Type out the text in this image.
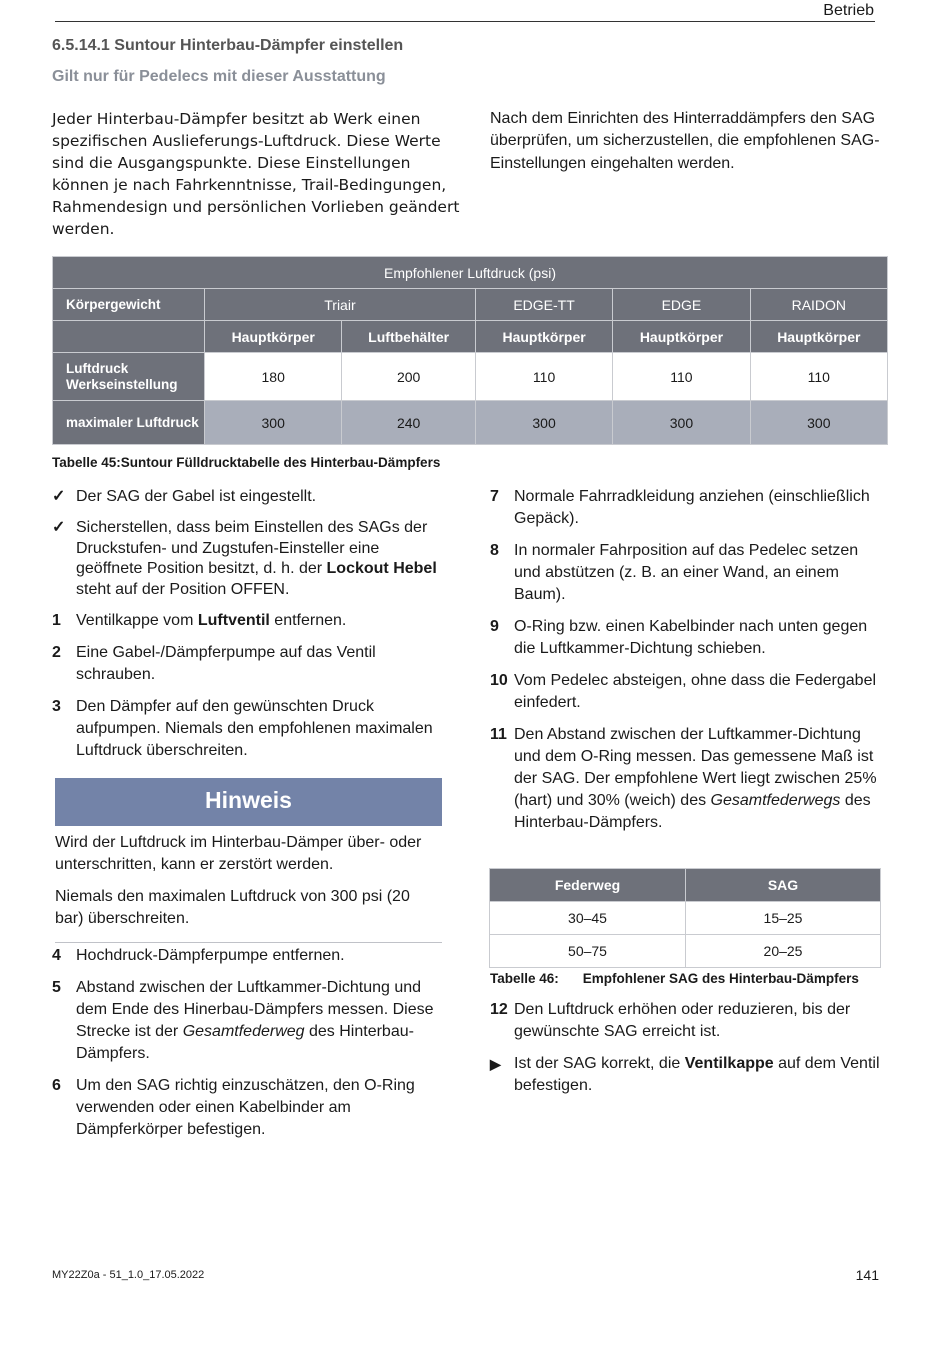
Betrieb
6.5.14.1 Suntour Hinterbau-Dämpfer einstellen
Gilt nur für Pedelecs mit dieser Ausstattung
Jeder Hinterbau-Dämpfer besitzt ab Werk einen spezifischen Auslieferungs-Luftdruck. Diese Werte sind die Ausgangspunkte. Diese Einstellungen können je nach Fahrkenntnisse, Trail-Bedingungen, Rahmendesign und persönlichen Vorlieben geändert werden.
Nach dem Einrichten des Hinterraddämpfers den SAG überprüfen, um sicherzustellen, die empfohlenen SAG-Einstellungen eingehalten werden.
Empfohlener Luftdruck (psi)					
Körpergewicht	Triair		EDGE-TT	EDGE	RAIDON
	Hauptkörper	Luftbehälter	Hauptkörper	Hauptkörper	Hauptkörper
Luftdruck Werkseinstellung	180	200	110	110	110
maximaler Luftdruck	300	240	300	300	300
Tabelle 45:Suntour Fülldrucktabelle des Hinterbau-Dämpfers
✓ Der SAG der Gabel ist eingestellt.
✓ Sicherstellen, dass beim Einstellen des SAGs der Druckstufen- und Zugstufen-Einsteller eine geöffnete Position besitzt, d. h. der Lockout Hebel steht auf der Position OFFEN.
1 Ventilkappe vom Luftventil entfernen.
2 Eine Gabel-/Dämpferpumpe auf das Ventil schrauben.
3 Den Dämpfer auf den gewünschten Druck aufpumpen. Niemals den empfohlenen maximalen Luftdruck überschreiten.
Hinweis
Wird der Luftdruck im Hinterbau-Dämper über- oder unterschritten, kann er zerstört werden.
Niemals den maximalen Luftdruck von 300 psi (20 bar) überschreiten.
4 Hochdruck-Dämpferpumpe entfernen.
5 Abstand zwischen der Luftkammer-Dichtung und dem Ende des Hinerbau-Dämpfers messen. Diese Strecke ist der Gesamtfederweg des Hinterbau-Dämpfers.
6 Um den SAG richtig einzuschätzen, den O-Ring verwenden oder einen Kabelbinder am Dämpferkörper befestigen.
7 Normale Fahrradkleidung anziehen (einschließlich Gepäck).
8 In normaler Fahrposition auf das Pedelec setzen und abstützen (z. B. an einer Wand, an einem Baum).
9 O-Ring bzw. einen Kabelbinder nach unten gegen die Luftkammer-Dichtung schieben.
10 Vom Pedelec absteigen, ohne dass die Federgabel einfedert.
11 Den Abstand zwischen der Luftkammer-Dichtung und dem O-Ring messen. Das gemessene Maß ist der SAG. Der empfohlene Wert liegt zwischen 25% (hart) und 30% (weich) des Gesamtfederwegs des Hinterbau-Dämpfers.
Federweg	SAG
30–45	15–25
50–75	20–25
Tabelle 46: Empfohlener SAG des Hinterbau-Dämpfers
12 Den Luftdruck erhöhen oder reduzieren, bis der gewünschte SAG erreicht ist.
▶ Ist der SAG korrekt, die Ventilkappe auf dem Ventil befestigen.
MY22Z0a - 51_1.0_17.05.2022	141
